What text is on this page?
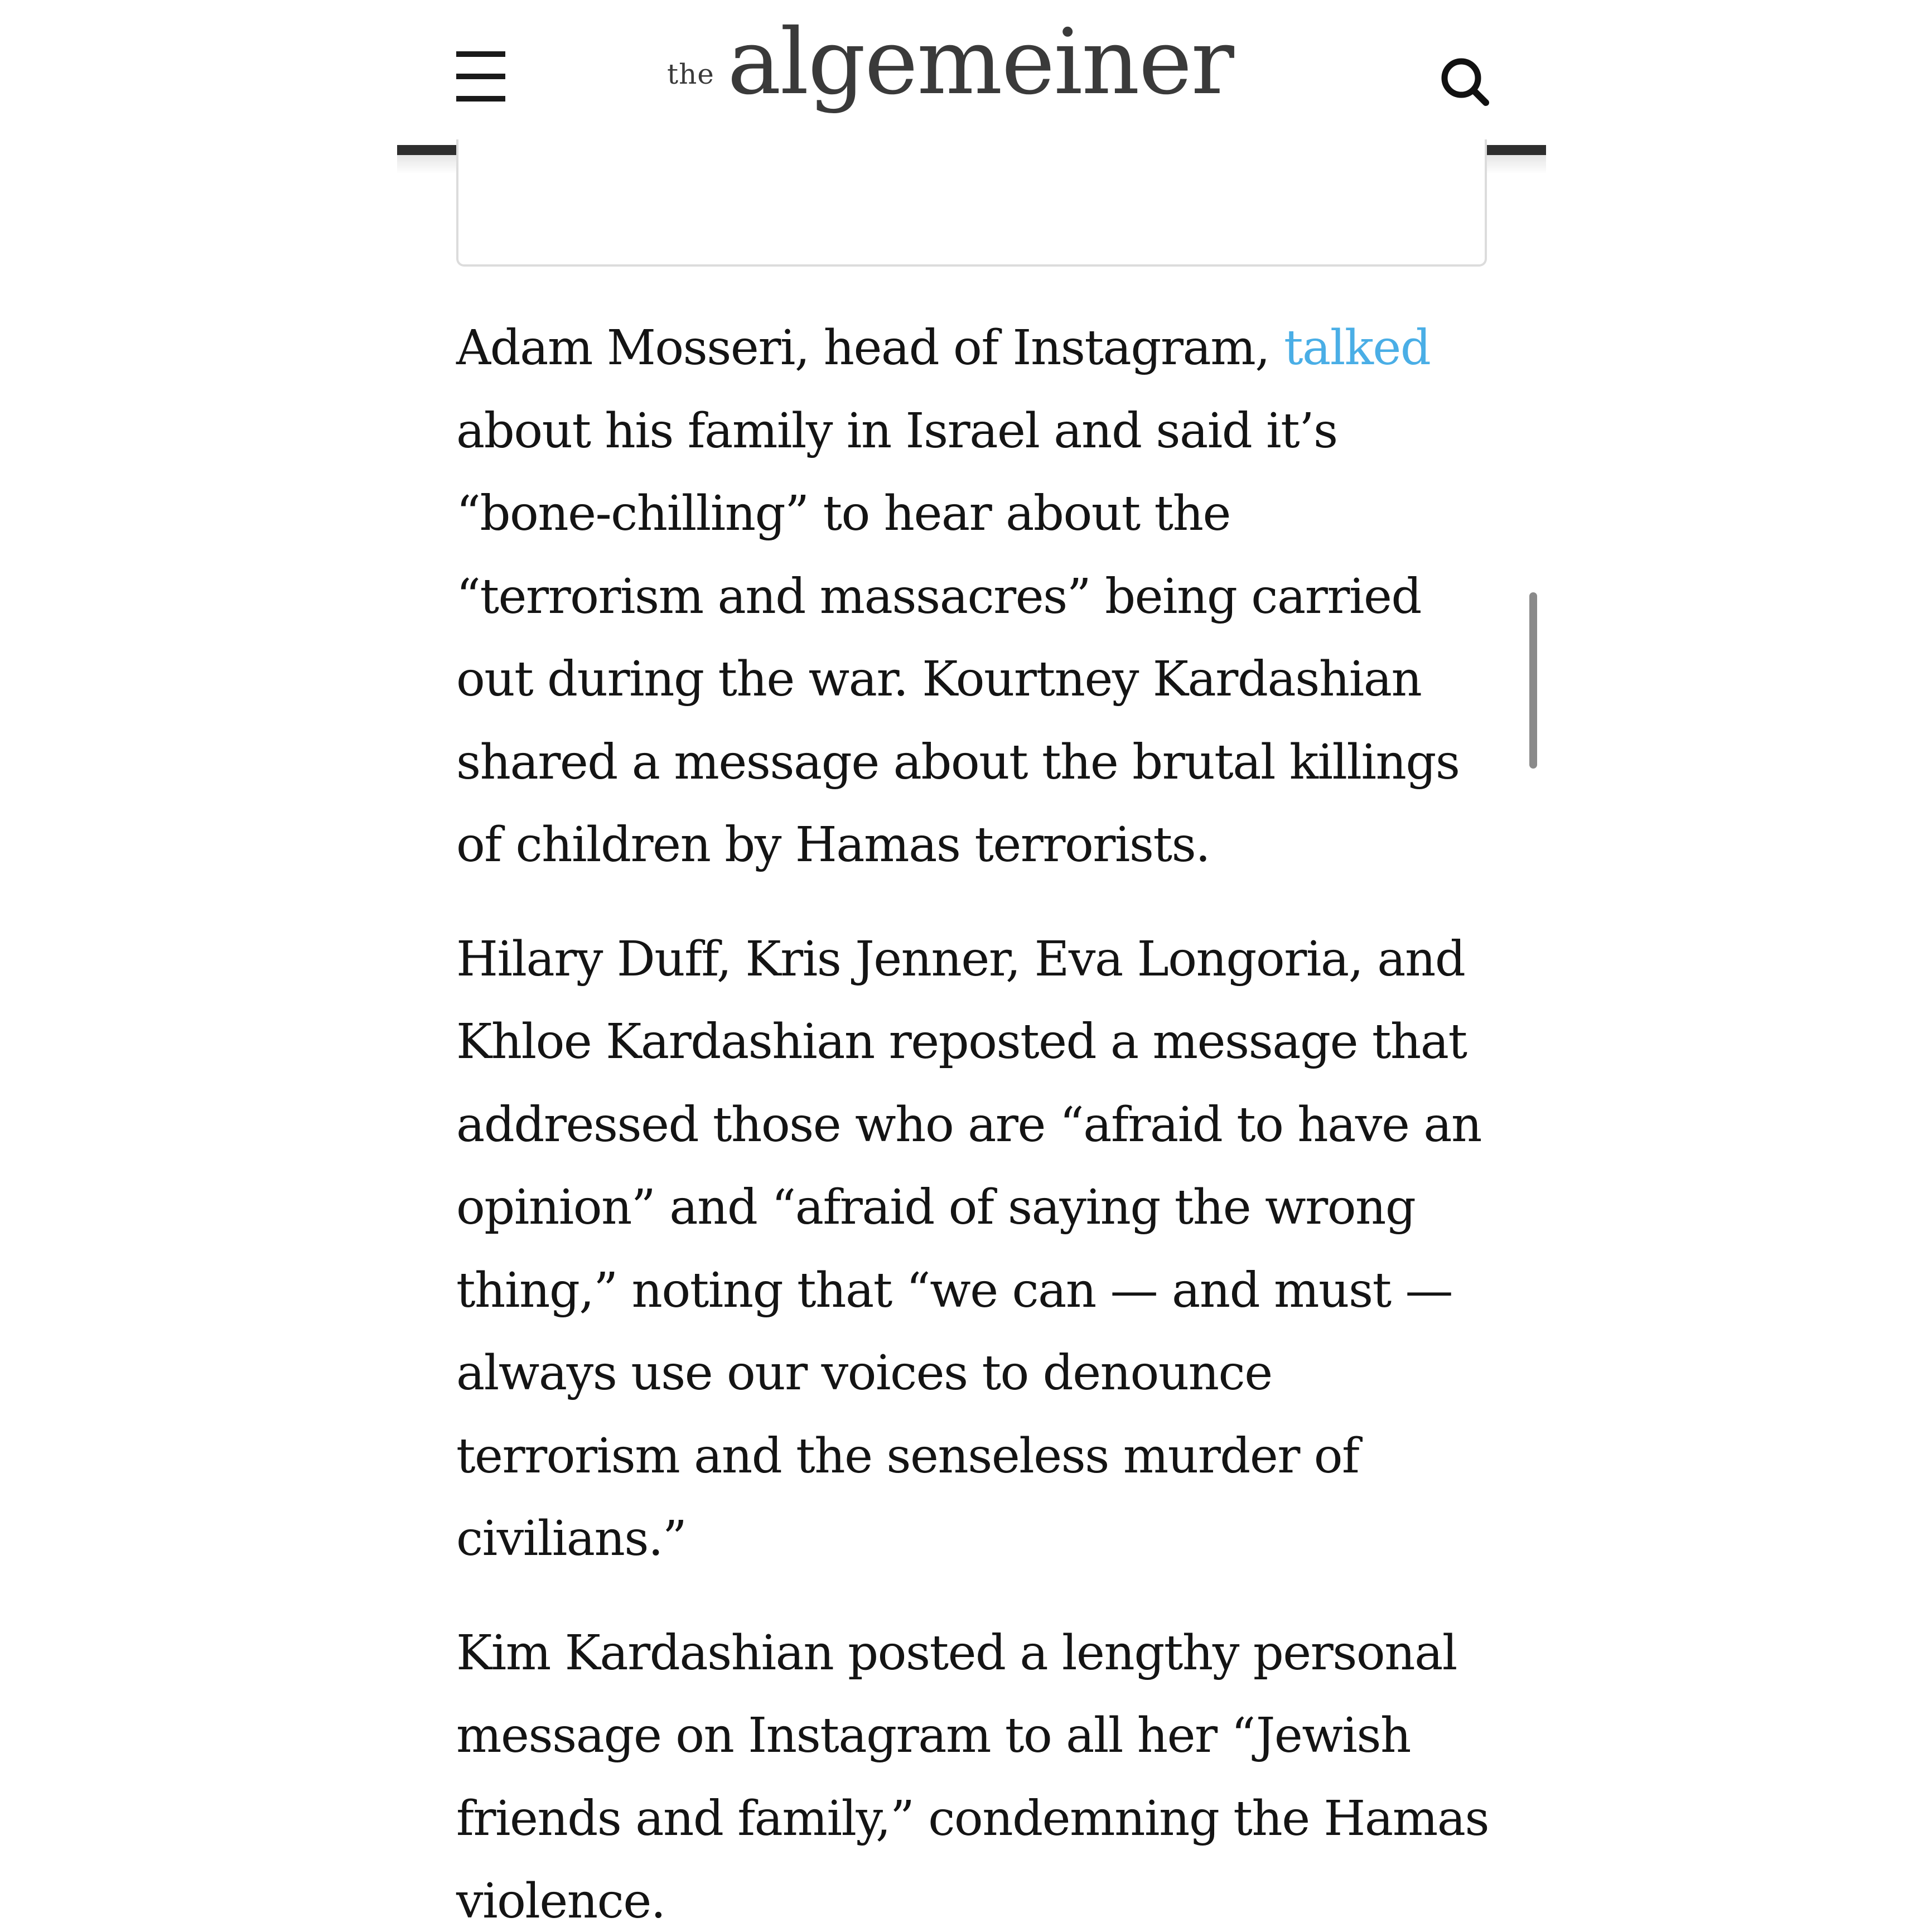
the algemeiner

Adam Mosseri, head of Instagram, talked
about his family in Israel and said it’s
“bone-chilling” to hear about the
“terrorism and massacres” being carried
out during the war. Kourtney Kardashian
shared a message about the brutal killings
of children by Hamas terrorists.

Hilary Duff, Kris Jenner, Eva Longoria, and
Khloe Kardashian reposted a message that
addressed those who are “afraid to have an
opinion” and “afraid of saying the wrong
thing,” noting that “we can — and must —
always use our voices to denounce
terrorism and the senseless murder of
civilians.”

Kim Kardashian posted a lengthy personal
message on Instagram to all her “Jewish
friends and family,” condemning the Hamas
violence.
